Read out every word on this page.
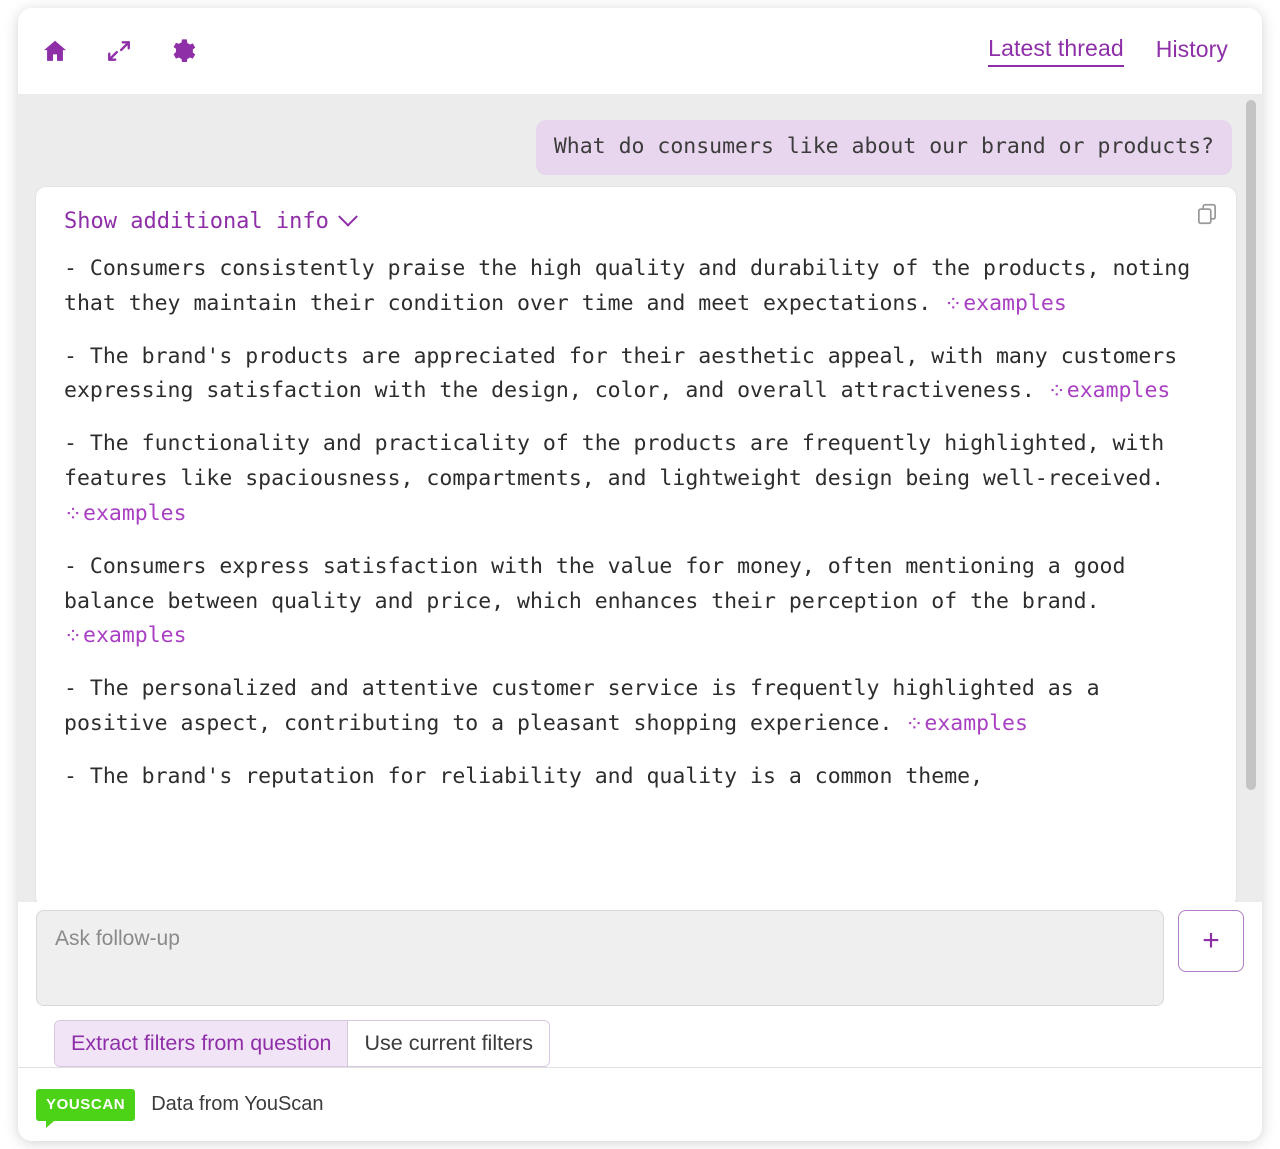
Latest thread History
What do consumers like about our brand or products?
Show additional info

- Consumers consistently praise the high quality and durability of the products, noting that they maintain their condition over time and meet expectations. ⁘examples

- The brand's products are appreciated for their aesthetic appeal, with many customers expressing satisfaction with the design, color, and overall attractiveness. ⁘examples

- The functionality and practicality of the products are frequently highlighted, with features like spaciousness, compartments, and lightweight design being well-received. ⁘examples

- Consumers express satisfaction with the value for money, often mentioning a good balance between quality and price, which enhances their perception of the brand. ⁘examples

- The personalized and attentive customer service is frequently highlighted as a positive aspect, contributing to a pleasant shopping experience. ⁘examples

- The brand's reputation for reliability and quality is a common theme,

Ask follow-up
+
Extract filters from question	Use current filters
YOUSCAN	Data from YouScan
